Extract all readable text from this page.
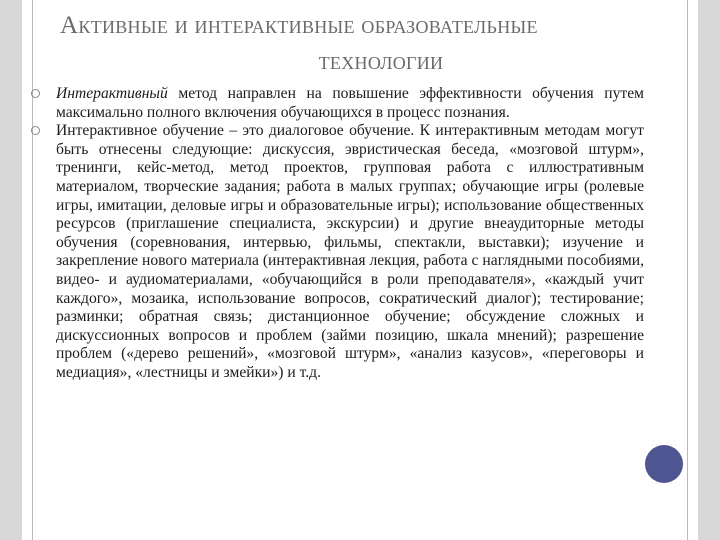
Активные и интерактивные образовательные
технологии
Интерактивный метод направлен на повышение эффективности обучения путем максимально полного включения обучающихся в процесс познания.
Интерактивное обучение – это диалоговое обучение. К интерактивным методам могут быть отнесены следующие: дискуссия, эвристическая беседа, «мозговой штурм», тренинги, кейс-метод, метод проектов, групповая работа с иллюстративным материалом, творческие задания; работа в малых группах; обучающие игры (ролевые игры, имитации, деловые игры и образовательные игры); использование общественных ресурсов (приглашение специалиста, экскурсии) и другие внеаудиторные методы обучения (соревнования, интервью, фильмы, спектакли, выставки); изучение и закрепление нового материала (интерактивная лекция, работа с наглядными пособиями, видео- и аудиоматериалами, «обучающийся в роли преподавателя», «каждый учит каждого», мозаика, использование вопросов, сократический диалог); тестирование; разминки; обратная связь; дистанционное обучение; обсуждение сложных и дискуссионных вопросов и проблем (займи позицию, шкала мнений); разрешение проблем («дерево решений», «мозговой штурм», «анализ казусов», «переговоры и медиация», «лестницы и змейки») и т.д.
